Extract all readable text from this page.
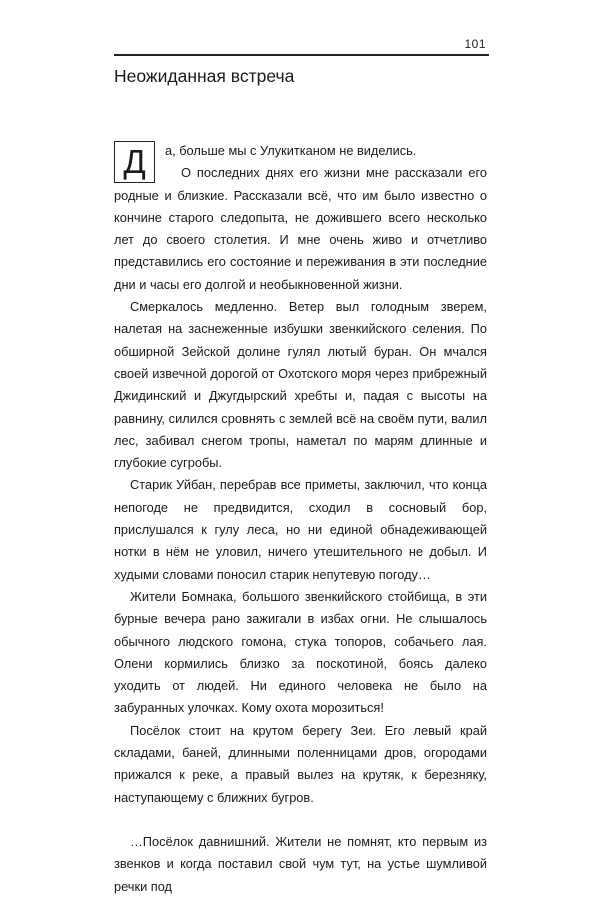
101
Неожиданная встреча

Д	а, больше мы с Улукитканом не виделись.

О последних днях его жизни мне рассказали его родные и близкие. Рассказали всё, что им было известно о кончине старого следопыта, не дожившего всего несколько лет до своего столетия. И мне очень живо и отчетливо представились его состояние и переживания в эти последние дни и часы его долгой и необыкновенной жизни.

Смеркалось медленно. Ветер выл голодным зверем, налетая на заснеженные избушки звенкийского селения. По обширной Зейской долине гулял лютый буран. Он мчался своей извечной дорогой от Охотского моря через прибрежный Джидинский и Джугдырский хребты и, падая с высоты на равнину, силился сровнять с землей всё на своём пути, валил лес, забивал снегом тропы, наметал по марям длинные и глубокие сугробы.

Старик Уйбан, перебрав все приметы, заключил, что конца непогоде не предвидится, сходил в сосновый бор, прислушался к гулу леса, но ни единой обнадеживающей нотки в нём не уловил, ничего утешительного не добыл. И худыми словами поносил старик непутевую погоду…

Жители Бомнака, большого звенкийского стойбища, в эти бурные вечера рано зажигали в избах огни. Не слышалось обычного людского гомона, стука топоров, собачьего лая. Олени кормились близко за поскотиной, боясь далеко уходить от людей. Ни единого человека не было на забуранных улочках. Кому охота морозиться!

Посёлок стоит на крутом берегу Зеи. Его левый край складами, баней, длинными поленницами дров, огородами прижался к реке, а правый вылез на крутяк, к березняку, наступающему с ближних бугров.

…Посёлок давнишний. Жители не помнят, кто первым из звенков и когда поставил свой чум тут, на устье шумливой речки под
